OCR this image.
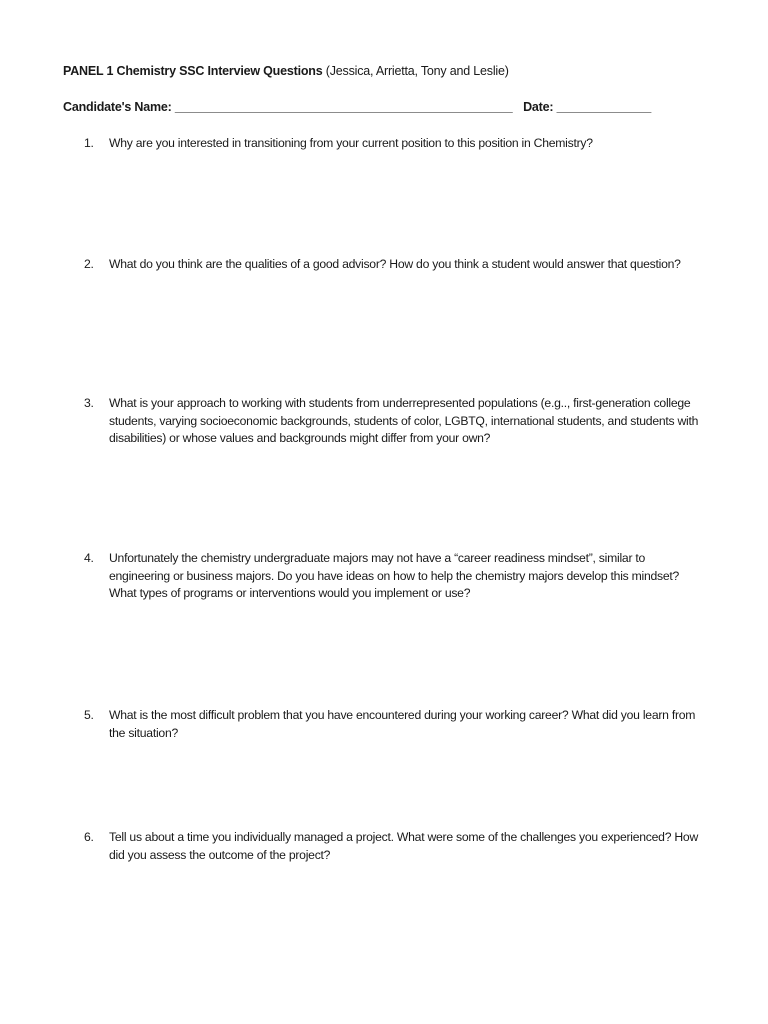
PANEL 1 Chemistry SSC Interview Questions (Jessica, Arrietta, Tony and Leslie)
Candidate's Name: __________________________________________________ Date: ______________
1.	Why are you interested in transitioning from your current position to this position in Chemistry?
2.	What do you think are the qualities of a good advisor? How do you think a student would answer that question?
3.	What is your approach to working with students from underrepresented populations (e.g.., first-generation college students, varying socioeconomic backgrounds, students of color, LGBTQ, international students, and students with disabilities) or whose values and backgrounds might differ from your own?
4.	Unfortunately the chemistry undergraduate majors may not have a “career readiness mindset”, similar to engineering or business majors. Do you have ideas on how to help the chemistry majors develop this mindset? What types of programs or interventions would you implement or use?
5.	What is the most difficult problem that you have encountered during your working career? What did you learn from the situation?
6.	Tell us about a time you individually managed a project. What were some of the challenges you experienced? How did you assess the outcome of the project?
